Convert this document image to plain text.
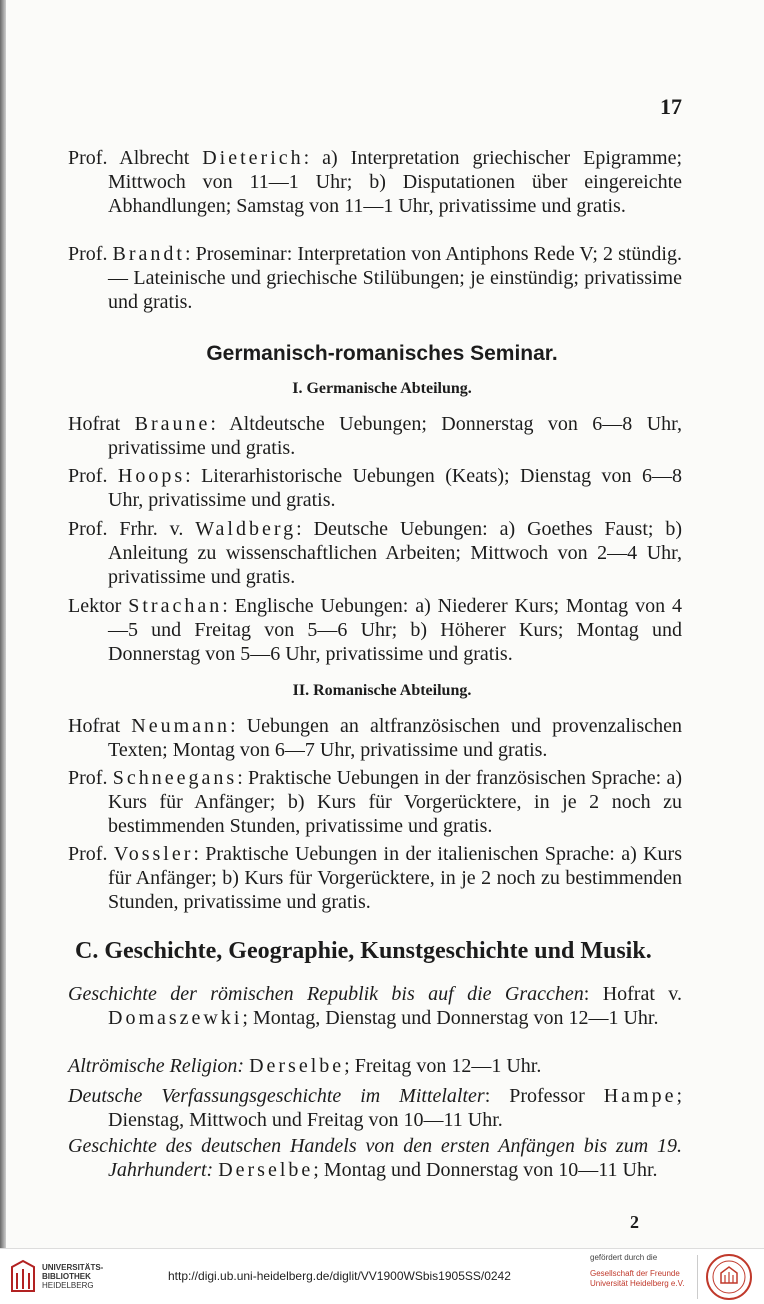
17
Prof. Albrecht Dieterich: a) Interpretation griechischer Epigramme; Mittwoch von 11—1 Uhr; b) Disputationen über eingereichte Abhandlungen; Samstag von 11—1 Uhr, privatissime und gratis.
Prof. Brandt: Proseminar: Interpretation von Antiphons Rede V; 2 stündig. — Lateinische und griechische Stilübungen; je einstündig; privatissime und gratis.
Germanisch-romanisches Seminar.
I. Germanische Abteilung.
Hofrat Braune: Altdeutsche Uebungen; Donnerstag von 6—8 Uhr, privatissime und gratis.
Prof. Hoops: Literarhistorische Uebungen (Keats); Dienstag von 6—8 Uhr, privatissime und gratis.
Prof. Frhr. v. Waldberg: Deutsche Uebungen: a) Goethes Faust; b) Anleitung zu wissenschaftlichen Arbeiten; Mittwoch von 2—4 Uhr, privatissime und gratis.
Lektor Strachan: Englische Uebungen: a) Niederer Kurs; Montag von 4—5 und Freitag von 5—6 Uhr; b) Höherer Kurs; Montag und Donnerstag von 5—6 Uhr, privatissime und gratis.
II. Romanische Abteilung.
Hofrat Neumann: Uebungen an altfranzösischen und provenzalischen Texten; Montag von 6—7 Uhr, privatissime und gratis.
Prof. Schneegans: Praktische Uebungen in der französischen Sprache: a) Kurs für Anfänger; b) Kurs für Vorgerücktere, in je 2 noch zu bestimmenden Stunden, privatissime und gratis.
Prof. Vossler: Praktische Uebungen in der italienischen Sprache: a) Kurs für Anfänger; b) Kurs für Vorgerücktere, in je 2 noch zu bestimmenden Stunden, privatissime und gratis.
C. Geschichte, Geographie, Kunstgeschichte und Musik.
Geschichte der römischen Republik bis auf die Gracchen: Hofrat v. Domaszewki; Montag, Dienstag und Donnerstag von 12—1 Uhr.
Altrömische Religion: Derselbe; Freitag von 12—1 Uhr.
Deutsche Verfassungsgeschichte im Mittelalter: Professor Hampe; Dienstag, Mittwoch und Freitag von 10—11 Uhr.
Geschichte des deutschen Handels von den ersten Anfängen bis zum 19. Jahrhundert: Derselbe; Montag und Donnerstag von 10—11 Uhr.
2
UNIVERSITÄTS-
BIBLIOTHEK
HEIDELBERG
http://digi.ub.uni-heidelberg.de/diglit/VV1900WSbis1905SS/0242
gefördert durch die
Gesellschaft der Freunde
Universität Heidelberg e.V.
